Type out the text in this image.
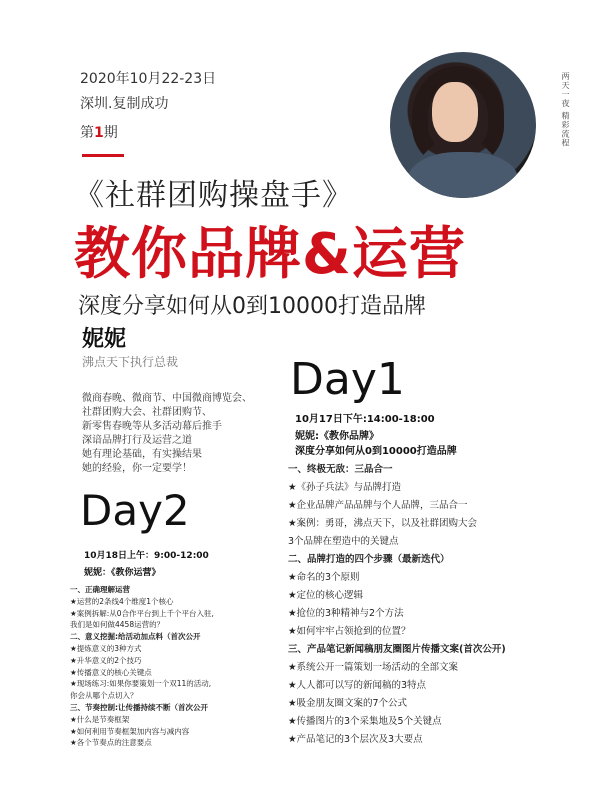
2020年10月22-23日
深圳.复制成功
第1期	两天一夜 精彩流程
《社群团购操盘手》
教你品牌&运营
深度分享如何从0到10000打造品牌
妮妮
沸点天下执行总裁
微商春晚、微商节、中国微商博览会、
社群团购大会、社群团购节、
新零售春晚等从多活动幕后推手
深谙品牌打行及运营之道
她有理论基础，有实操结果
她的经验，你一定要学！
Day1
10月17日下午:14:00-18:00
妮妮:《教你品牌》
深度分享如何从0到10000打造品牌
一、终极无敌：三品合一
★《孙子兵法》与品牌打造
★企业品牌产品品牌与个人品牌，三品合一
★案例：勇哥，沸点天下，以及社群团购大会
3个品牌在塑造中的关键点
二、品牌打造的四个步骤（最新迭代）
★命名的3个原则
★定位的核心逻辑
★抢位的3种精神与2个方法
★如何牢牢占领抢到的位置？
三、产品笔记新闻稿朋友圈图片传播文案(首次公开)
★系统公开一篇策划一场活动的全部文案
★人人都可以写的新闻稿的3特点
★吸金朋友圈文案的7个公式
★传播图片的3个采集地及5个关键点
★产品笔记的3个层次及3大要点
Day2
10月18日上午：9:00-12:00
妮妮：《教你运营》
一、正确理解运营
★运营的2条线4个维度1个核心
★案例拆解:从0合作平台到上千个平台入驻,
我们是如何做4458运营的？
二、意义挖掘:给活动加点料（首次公开
★提炼意义的3种方式
★升华意义的2个技巧
★传播意义的核心关键点
★现场练习:如果你要策划一个双11的活动,
你会从哪个点切入？
三、节奏控制:让传播持续不断（首次公开
★什么是节奏框架
★如何利用节奏框架加内容与减内容
★各个节奏点的注意要点
